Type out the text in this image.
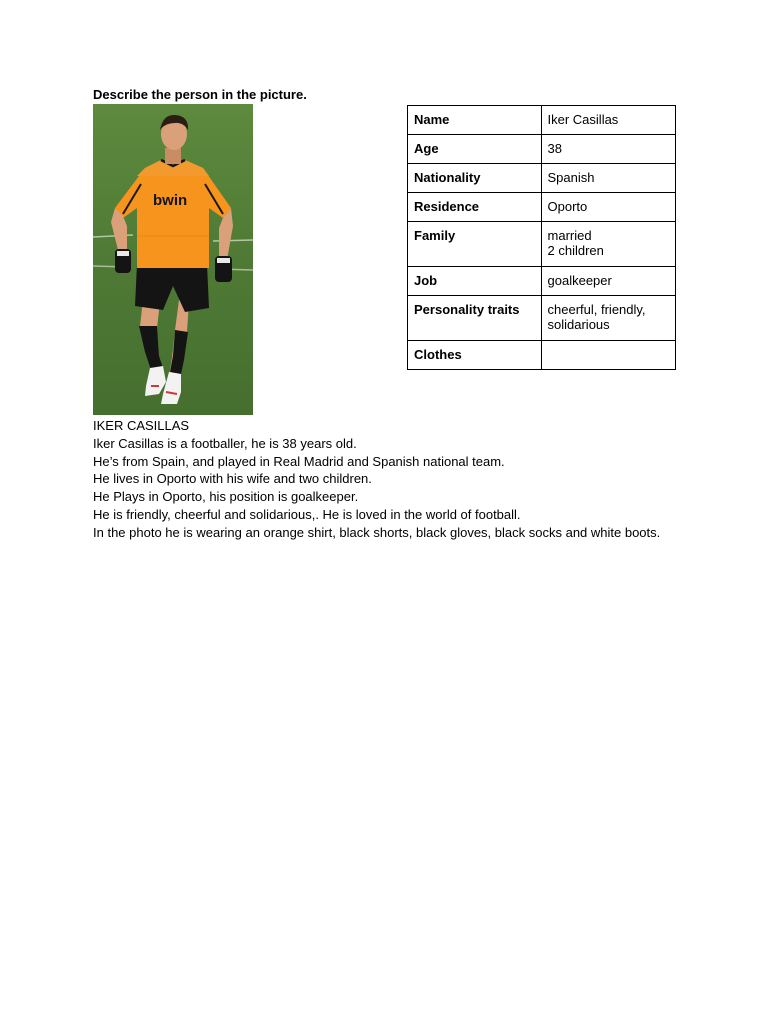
Describe the person in the picture.
bwin
Name	Iker Casillas

Age	38

Nationality	Spanish

Residence	Oporto

Family	married
2 children

Job	goalkeeper

Personality traits	cheerful, friendly,
solidarious

Clothes	

IKER CASILLAS

Iker Casillas is a footballer, he is 38 years old.

He’s from Spain, and played in Real Madrid and Spanish national team.

He lives in Oporto with his wife and two children.

He Plays in Oporto, his position is goalkeeper.

He is friendly, cheerful and solidarious,. He is loved in the world of football.

In the photo he is wearing an orange shirt, black shorts, black gloves, black socks and white boots.
